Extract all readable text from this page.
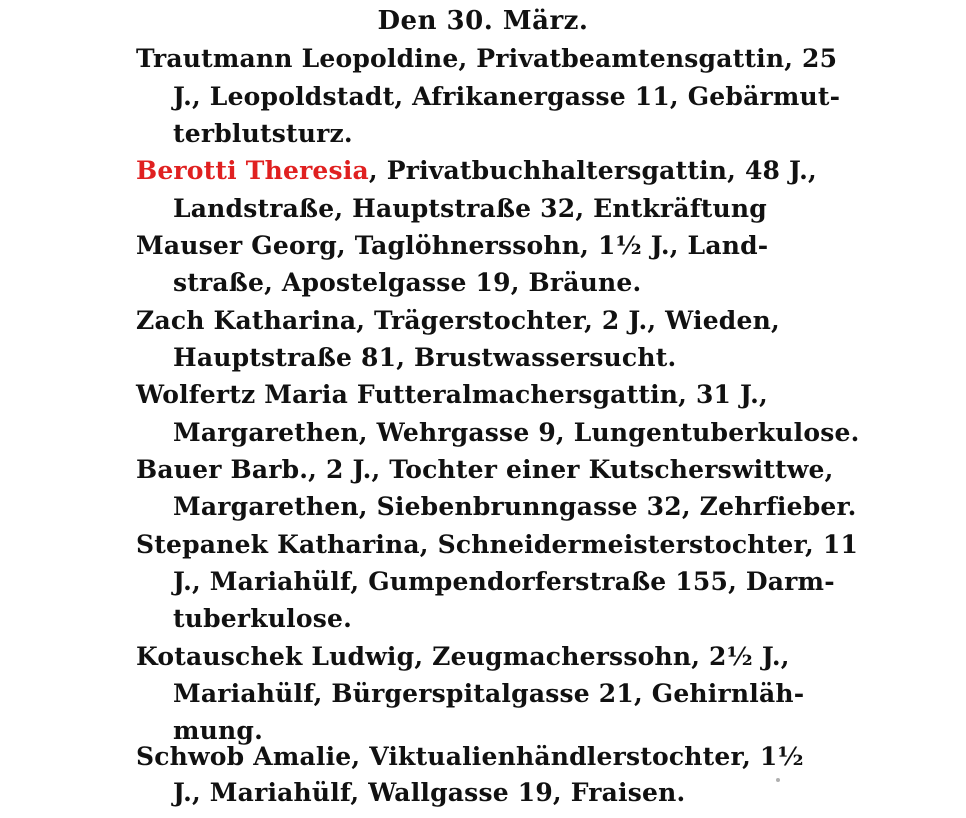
Den 30. März.
Trautmann Leopoldine, Privatbeamtensgattin, 25
J., Leopoldstadt, Afrikanergasse 11, Gebärmut-
terblutsturz.
Berotti Theresia, Privatbuchhaltersgattin, 48 J.,
Landstraße, Hauptstraße 32, Entkräftung
Mauser Georg, Taglöhnerssohn, 1½ J., Land-
straße, Apostelgasse 19, Bräune.
Zach Katharina, Trägerstochter, 2 J., Wieden,
Hauptstraße 81, Brustwassersucht.
Wolfertz Maria Futteralmachersgattin, 31 J.,
Margarethen, Wehrgasse 9, Lungentuberkulose.
Bauer Barb., 2 J., Tochter einer Kutscherswittwe,
Margarethen, Siebenbrunngasse 32, Zehrfieber.
Stepanek Katharina, Schneidermeisterstochter, 11
J., Mariahülf, Gumpendorferstraße 155, Darm-
tuberkulose.
Kotauschek Ludwig, Zeugmacherssohn, 2½ J.,
Mariahülf, Bürgerspitalgasse 21, Gehirnläh-
mung.
Schwob Amalie, Viktualienhändlerstochter, 1½
J., Mariahülf, Wallgasse 19, Fraisen.
